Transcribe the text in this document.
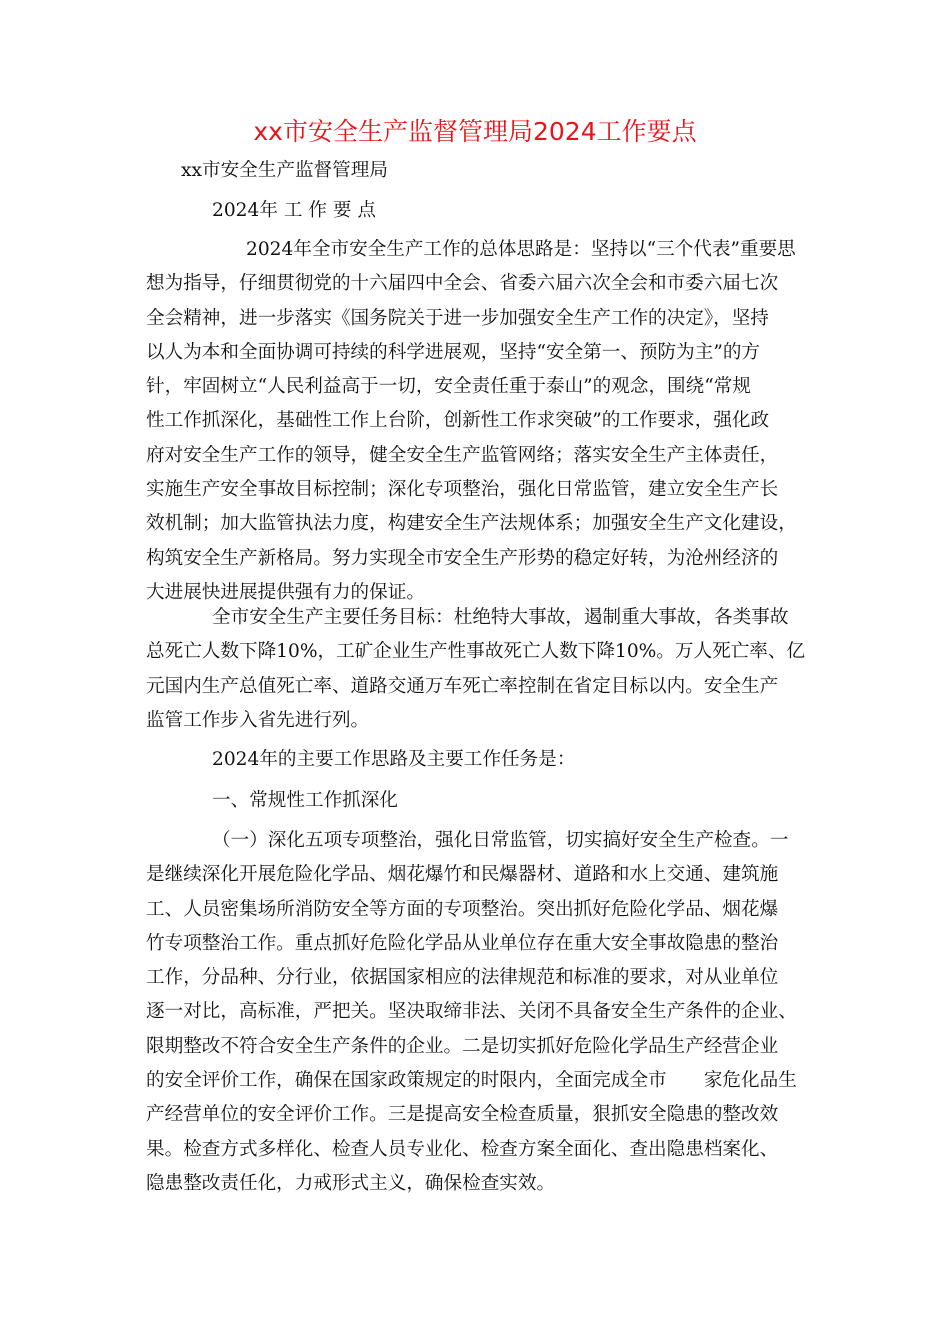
xx市安全生产监督管理局2024工作要点
xx市安全生产监督管理局
2024年 工 作 要 点
2024年全市安全生产工作的总体思路是：坚持以“三个代表”重要思
想为指导，仔细贯彻党的十六届四中全会、省委六届六次全会和市委六届七次
全会精神，进一步落实《国务院关于进一步加强安全生产工作的决定》，坚持
以人为本和全面协调可持续的科学进展观，坚持“安全第一、预防为主”的方
针，牢固树立“人民利益高于一切，安全责任重于泰山”的观念，围绕“常规
性工作抓深化，基础性工作上台阶，创新性工作求突破”的工作要求，强化政
府对安全生产工作的领导，健全安全生产监管网络；落实安全生产主体责任，
实施生产安全事故目标控制；深化专项整治，强化日常监管，建立安全生产长
效机制；加大监管执法力度，构建安全生产法规体系；加强安全生产文化建设，
构筑安全生产新格局。努力实现全市安全生产形势的稳定好转，为沧州经济的
大进展快进展提供强有力的保证。
全市安全生产主要任务目标：杜绝特大事故，遏制重大事故，各类事故
总死亡人数下降10%，工矿企业生产性事故死亡人数下降10%。万人死亡率、亿
元国内生产总值死亡率、道路交通万车死亡率控制在省定目标以内。安全生产
监管工作步入省先进行列。
2024年的主要工作思路及主要工作任务是：
一、常规性工作抓深化
（一）深化五项专项整治，强化日常监管，切实搞好安全生产检查。一
是继续深化开展危险化学品、烟花爆竹和民爆器材、道路和水上交通、建筑施
工、人员密集场所消防安全等方面的专项整治。突出抓好危险化学品、烟花爆
竹专项整治工作。重点抓好危险化学品从业单位存在重大安全事故隐患的整治
工作，分品种、分行业，依据国家相应的法律规范和标准的要求，对从业单位
逐一对比，高标准，严把关。坚决取缔非法、关闭不具备安全生产条件的企业、
限期整改不符合安全生产条件的企业。二是切实抓好危险化学品生产经营企业
的安全评价工作，确保在国家政策规定的时限内，全面完成全市　　家危化品生
产经营单位的安全评价工作。三是提高安全检查质量，狠抓安全隐患的整改效
果。检查方式多样化、检查人员专业化、检查方案全面化、查出隐患档案化、
隐患整改责任化，力戒形式主义，确保检查实效。
